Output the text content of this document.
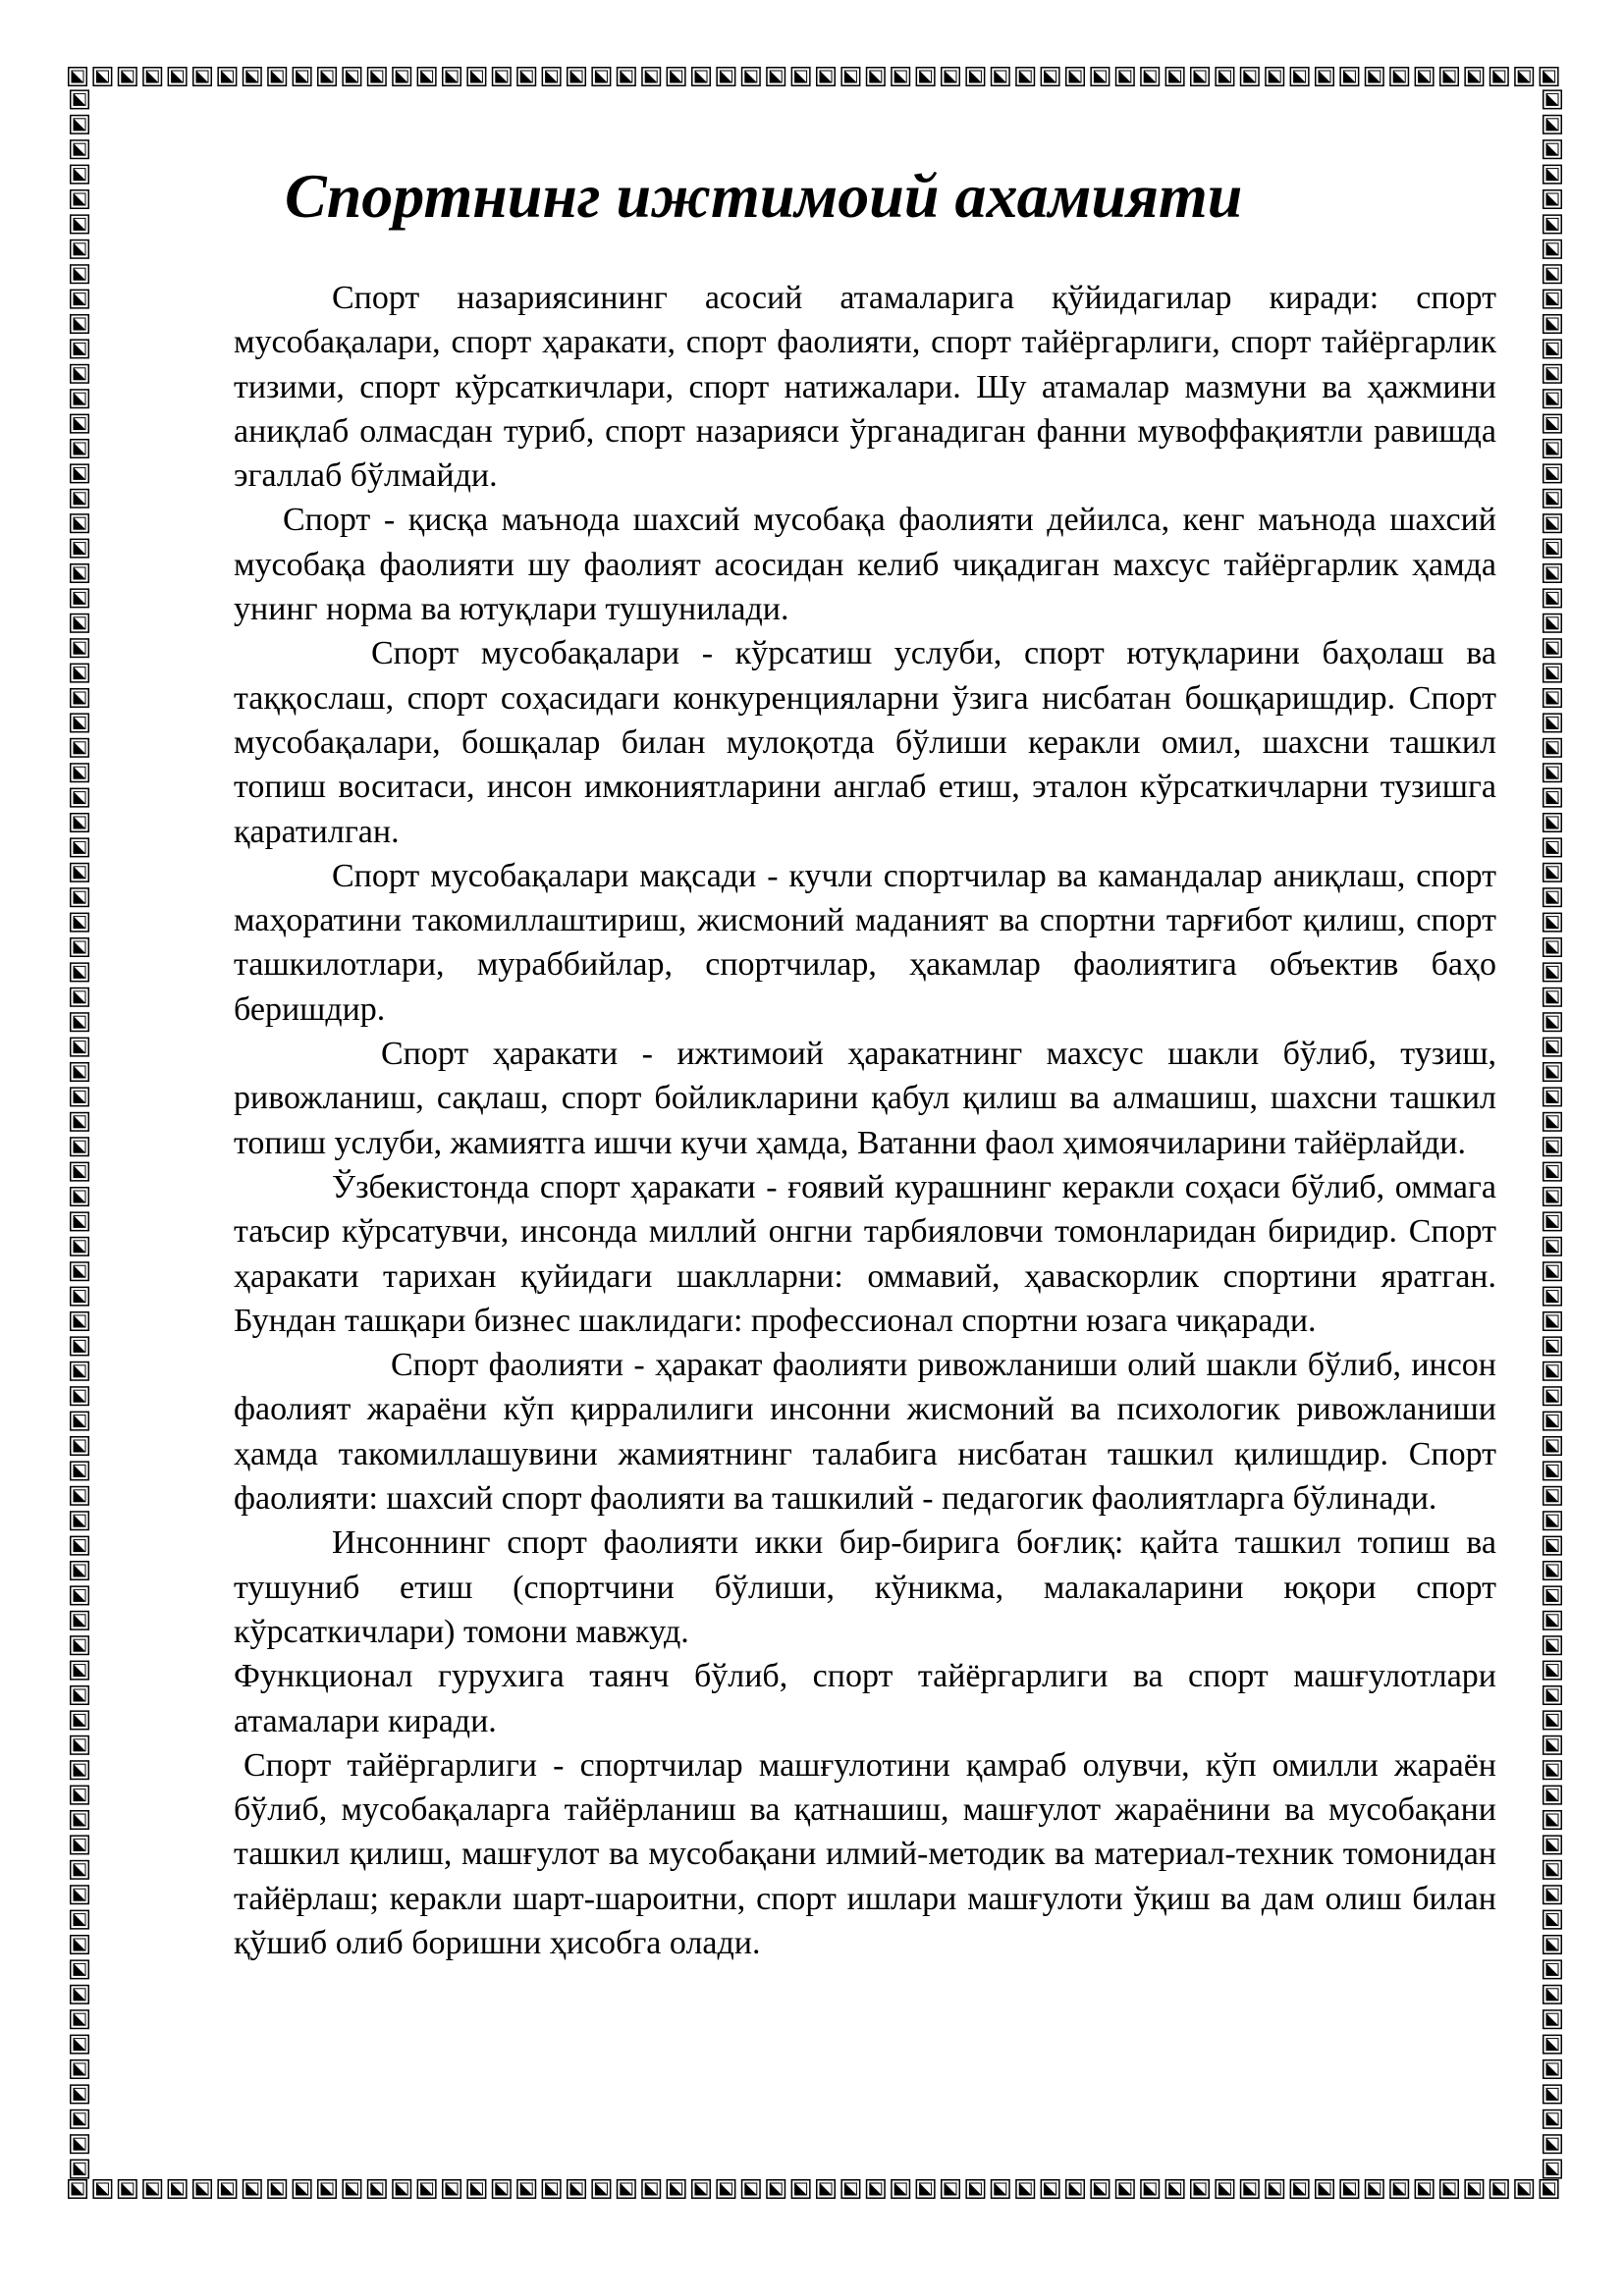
Спортнинг ижтимоий ахамияти

Спорт назариясининг асосий атамаларига қўйидагилар киради: спорт мусобақалари, спорт ҳаракати, спорт фаолияти, спорт тайёргарлиги, спорт тайёргарлик тизими, спорт кўрсаткичлари, спорт натижалари. Шу атамалар мазмуни ва ҳажмини аниқлаб олмасдан туриб, спорт назарияси ўрганадиган фанни мувоффақиятли равишда эгаллаб бўлмайди.

Спорт - қисқа маънода шахсий мусобақа фаолияти дейилса, кенг маънода шахсий мусобақа фаолияти шу фаолият асосидан келиб чиқадиган махсус тайёргарлик ҳамда унинг норма ва ютуқлари тушунилади.

Спорт мусобақалари - кўрсатиш услуби, спорт ютуқларини баҳолаш ва таққослаш, спорт соҳасидаги конкуренцияларни ўзига нисбатан бошқаришдир. Спорт мусобақалари, бошқалар билан мулоқотда бўлиши керакли омил, шахсни ташкил топиш воситаси, инсон имкониятларини англаб етиш, эталон кўрсаткичларни тузишга қаратилган.

Спорт мусобақалари мақсади - кучли спортчилар ва камандалар аниқлаш, спорт маҳоратини такомиллаштириш, жисмоний маданият ва спортни тарғибот қилиш, спорт ташкилотлари, мураббийлар, спортчилар, ҳакамлар фаолиятига объектив баҳо беришдир.

Спорт ҳаракати - ижтимоий ҳаракатнинг махсус шакли бўлиб, тузиш, ривожланиш, сақлаш, спорт бойликларини қабул қилиш ва алмашиш, шахсни ташкил топиш услуби, жамиятга ишчи кучи ҳамда, Ватанни фаол ҳимоячиларини тайёрлайди.

Ўзбекистонда спорт ҳаракати - ғоявий курашнинг керакли соҳаси бўлиб, оммага таъсир кўрсатувчи, инсонда миллий онгни тарбияловчи томонларидан биридир. Спорт ҳаракати тарихан қуйидаги шаклларни: оммавий, ҳаваскорлик спортини яратган. Бундан ташқари бизнес шаклидаги: профессионал спортни юзага чиқаради.

Спорт фаолияти - ҳаракат фаолияти ривожланиши олий шакли бўлиб, инсон фаолият жараёни кўп қирралилиги инсонни жисмоний ва психологик ривожланиши ҳамда такомиллашувини жамиятнинг талабига нисбатан ташкил қилишдир. Спорт фаолияти: шахсий спорт фаолияти ва ташкилий - педагогик фаолиятларга бўлинади.

Инсоннинг спорт фаолияти икки бир-бирига боғлиқ: қайта ташкил топиш ва тушуниб етиш (спортчини бўлиши, кўникма, малакаларини юқори спорт кўрсаткичлари) томони мавжуд.

Функционал гурухига таянч бўлиб, спорт тайёргарлиги ва спорт машғулотлари атамалари киради.

Спорт тайёргарлиги - спортчилар машғулотини қамраб олувчи, кўп омилли жараён бўлиб, мусобақаларга тайёрланиш ва қатнашиш, машғулот жараёнини ва мусобақани ташкил қилиш, машғулот ва мусобақани илмий-методик ва материал-техник томонидан тайёрлаш; керакли шарт-шароитни, спорт ишлари машғулоти ўқиш ва дам олиш билан қўшиб олиб боришни ҳисобга олади.
